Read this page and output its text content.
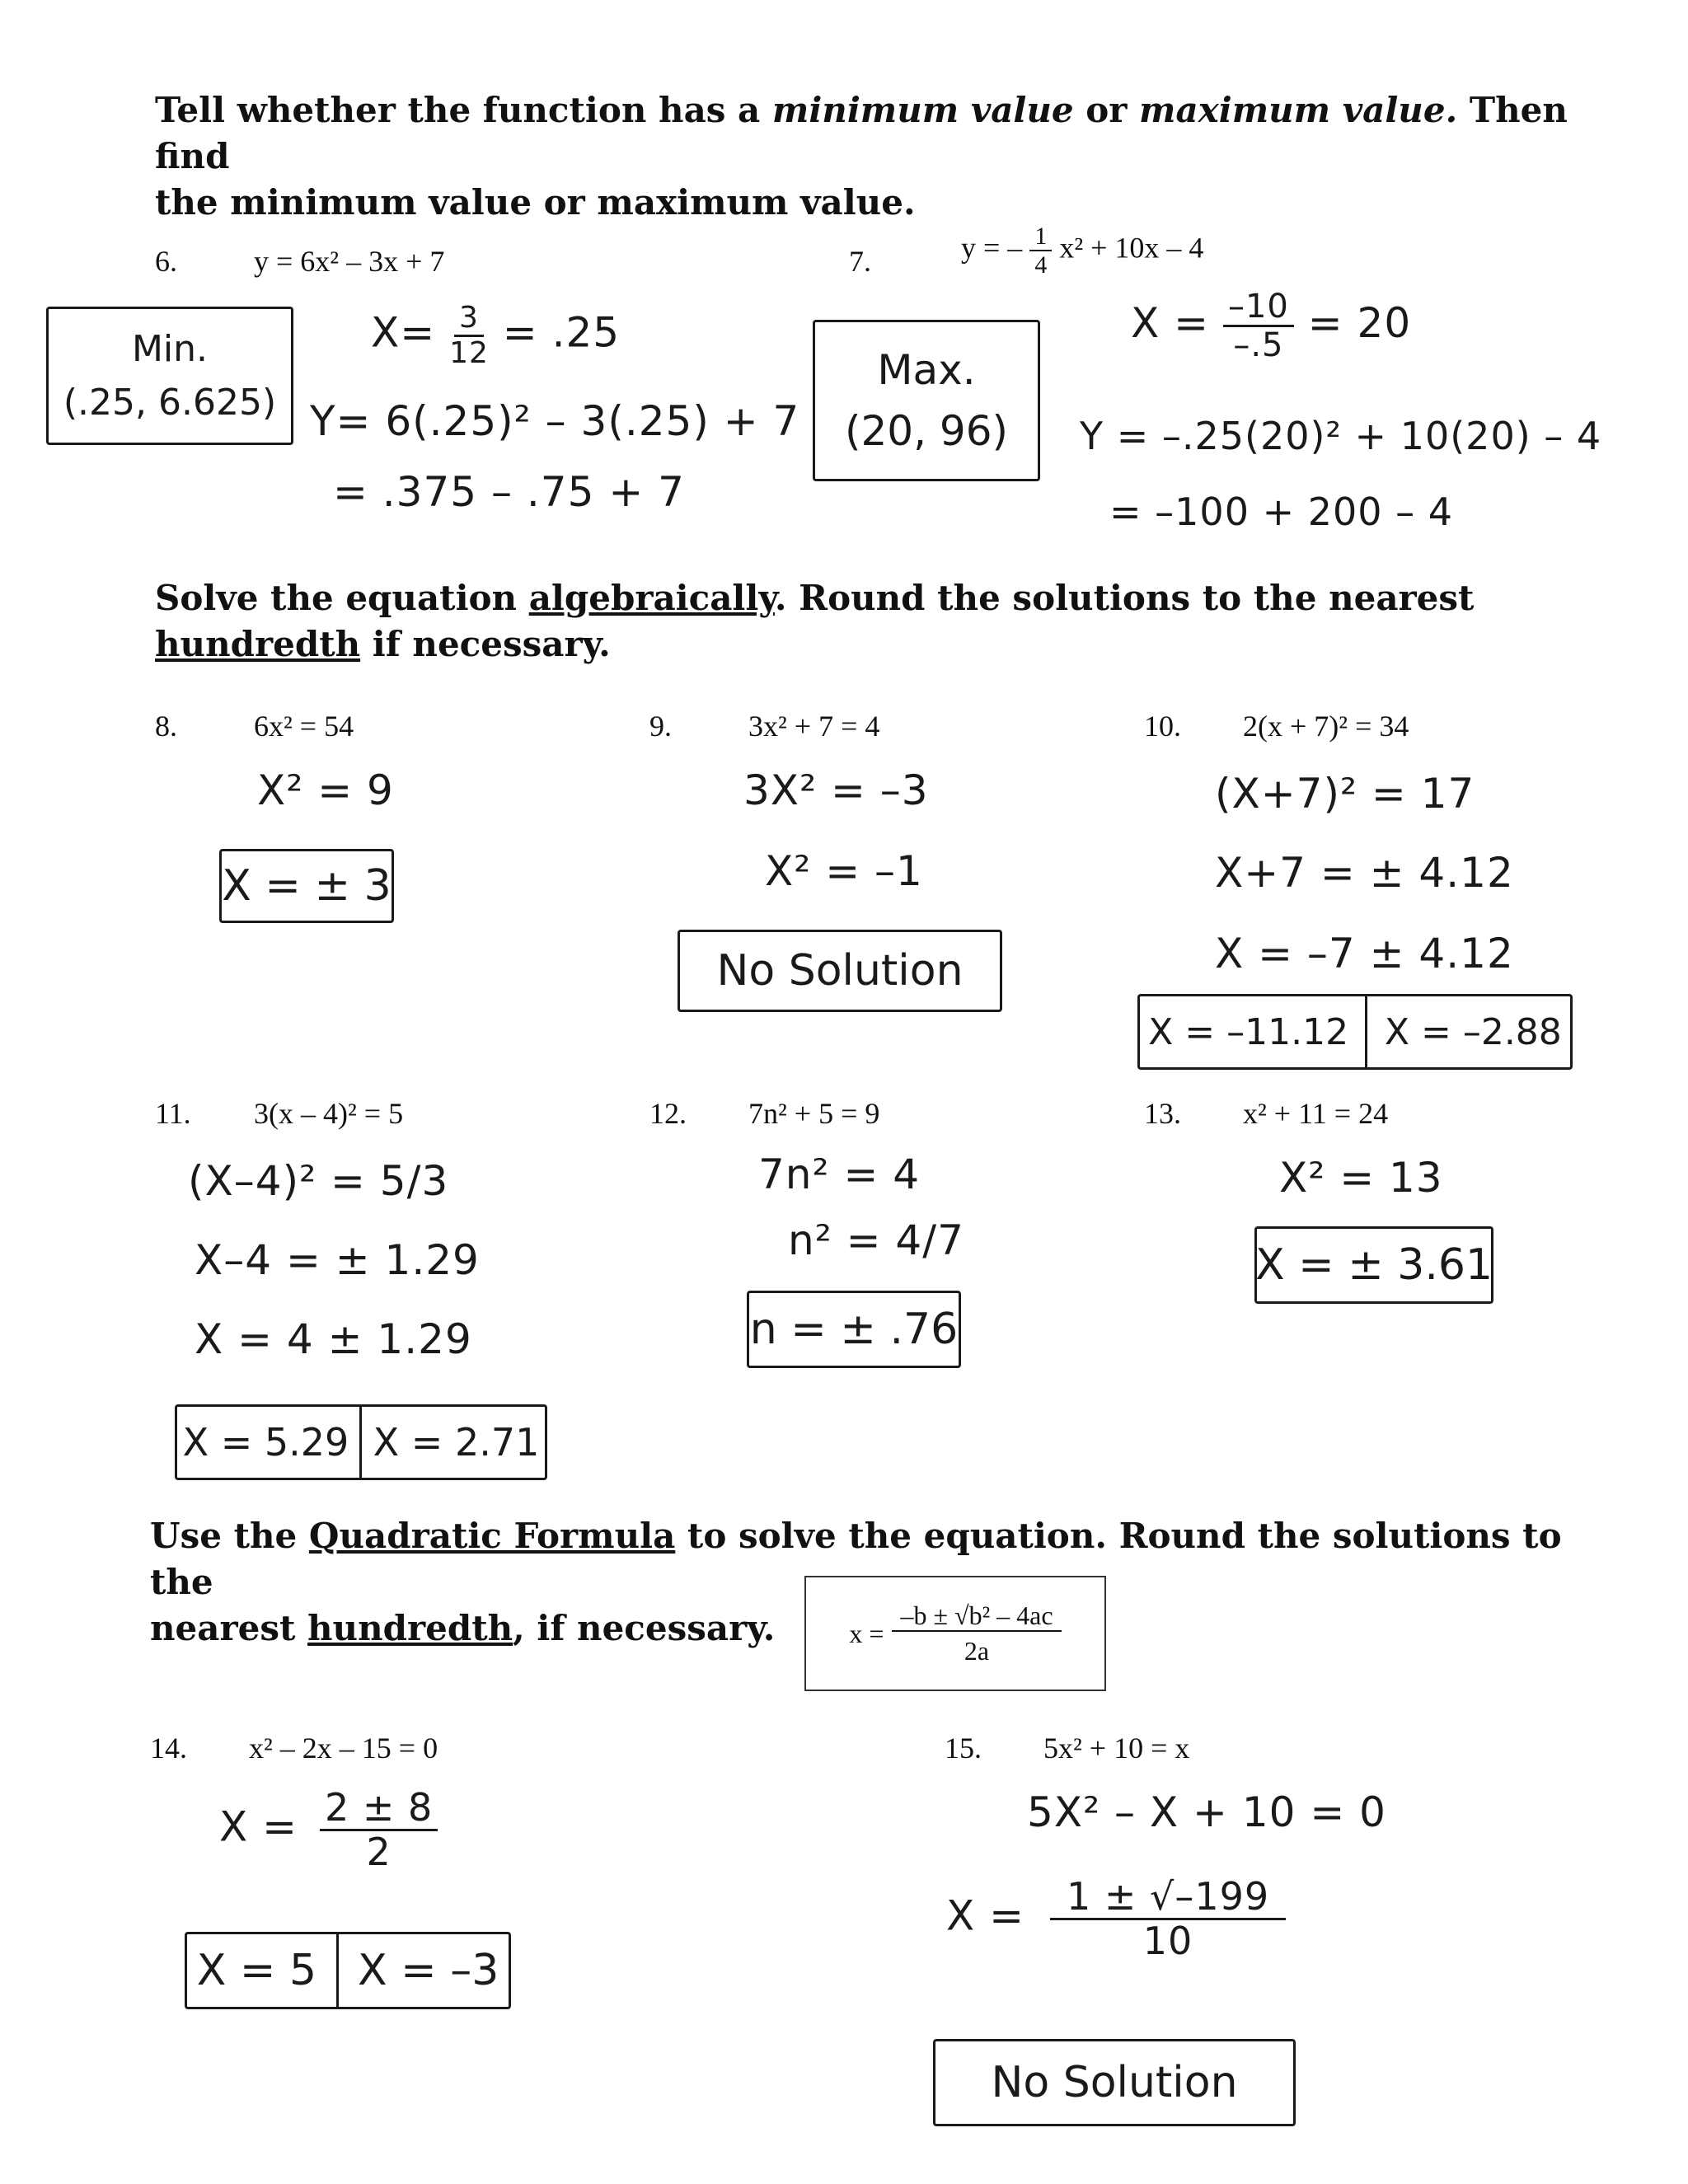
Tell whether the function has a minimum value or maximum value. Then find
the minimum value or maximum value.
6.	y = 6x² – 3x + 7
Min.
(.25, 6.625)
$X= \frac{3}{12} = .25$
Y= 6(.25)² – 3(.25) + 7
= .375 – .75 + 7
7.	y = – $\frac{1}{4} x^2 + 10x - 4$
Max.
(20, 96)
$X = \frac{-10}{-.5} = 20$
Y = –.25(20)² + 10(20) – 4
= –100 + 200 – 4
Solve the equation algebraically. Round the solutions to the nearest
hundredth if necessary.
8.	6x² = 54
X² = 9
X = ± 3
9.	3x² + 7 = 4
3X² = –3
X² = –1
No Solution
10. 2(x + 7)² = 34
(X+7)² = 17
X+7 = ± 4.12
X = –7 ± 4.12
X = –11.12 X = –2.88
11. 3(x – 4)² = 5
(X–4)² = 5/3
X–4 = ± 1.29
X = 4 ± 1.29
X = 5.29 X = 2.71
12. 7n² + 5 = 9
7n² = 4
n² = 4/7
n = ± .76
13. x² + 11 = 24
X² = 13
X = ± 3.61
Use the Quadratic Formula to solve the equation. Round the solutions to the
nearest hundredth, if necessary.	$x = \frac{\text{–b ± √b² – 4ac}}{2a}$
14. x² – 2x – 15 = 0
$X = \frac{2 \pm 8}{2}$
X = 5 X = –3
15. 5x² + 10 = x
5X² – X + 10 = 0
$X = \frac{1 \pm √-199}{10}$
No Solution
